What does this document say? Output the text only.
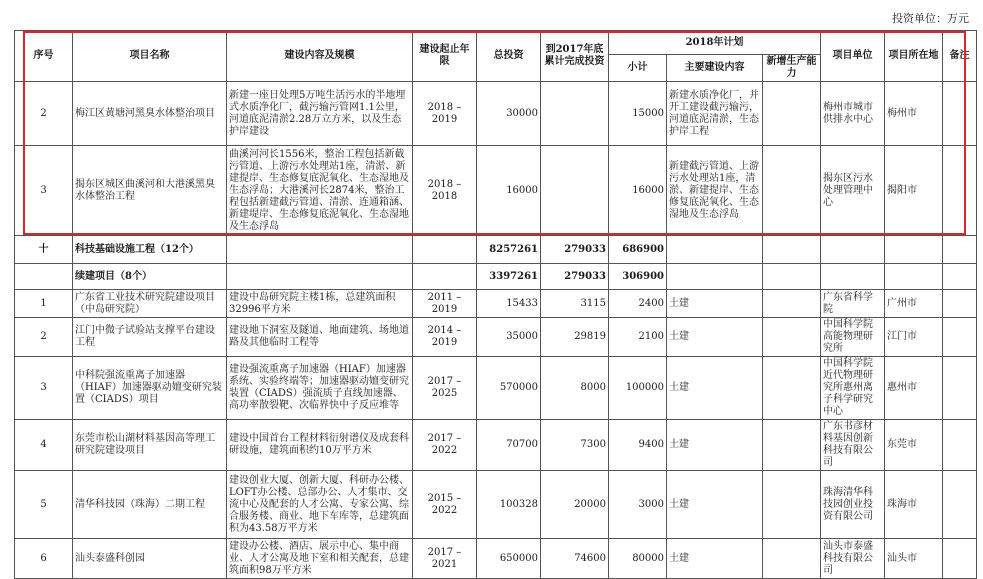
投资单位：万元
序号	项目名称	建设内容及规模	建设起止年限	总投资	到2017年底累计完成投资	2018年计划			项目单位	项目所在地	备注
						小计	主要建设内容	新增生产能力			
2	梅江区黄塘河黑臭水体整治项目	新建一座日处理5万吨生活污水的半地埋式水质净化厂，截污输污管网1.1公里，河道底泥清淤2.28万立方米，以及生态护岸建设	2018 – 2019	30000		15000	新建水质净化厂，并开工建设截污输污，河道底泥清淤，生态护岸工程		梅州市城市供排水中心	梅州市	
3	揭东区城区曲溪河和大港溪黑臭水体整治工程	曲溪河河长1556米，整治工程包括新截污管道、上游污水处理站1座，清淤、新建提岸、生态修复底泥氧化、生态湿地及生态浮岛；大港溪河长2874米，整治工程包括新建截污管道、清淤、连通箱涵、新建堤岸、生态修复底泥氧化、生态湿地及生态浮岛	2018 – 2018	16000		16000	新建截污管道、上游污水处理站1座，清淤、新建提岸、生态修复底泥氧化、生态湿地及生态浮岛		揭东区污水处理管理中心	揭阳市	
十	科技基础设施工程（12个）			8257261	279033	686900					
	续建项目（8个）			3397261	279033	306900					
1	广东省工业技术研究院建设项目（中岛研究院）	建设中岛研究院主楼1栋，总建筑面积32996平方米	2011 – 2019	15433	3115	2400	土建		广东省科学院	广州市	
2	江门中微子试验站支撑平台建设工程	建设地下洞室及隧道、地面建筑、场地道路及其他临时工程等	2014 – 2019	35000	29819	2100	土建		中国科学院高能物理研究所	江门市	
3	中科院强流重离子加速器（HIAF）加速器驱动嬗变研究装置（CIADS）项目	建设强流重离子加速器（HIAF）加速器系统、实验终端等；加速器驱动嬗变研究装置（CIADS）强流质子直线加速器、高功率散裂靶、次临界快中子反应堆等	2017 – 2025	570000	8000	100000	土建		中国科学院近代物理研究所惠州离子科学研究中心	惠州市	
4	东莞市松山湖材料基因高等理工研究院建设项目	建设中国首台工程材料衍射谱仪及成套科研设施，建筑面积约10万平方米	2017 – 2022	70700	7300	9400	土建		广东书彦材料基因创新科技有限公司	东莞市	
5	清华科技园（珠海）二期工程	建设创业大厦、创新大厦、科研办公楼、LOFT办公楼、总部办公、人才集市、交流中心及配套的人才公寓、专家公寓、综合服务楼、商业、地下车库等，总建筑面积为43.58万平方米	2015 – 2022	100328	20000	3000	土建		珠海清华科技园创业投资有限公司	珠海市	
6	汕头泰盛科创园	建设办公楼、酒店、展示中心、集中商业、人才公寓及地下室和相关配套，总建筑面积98万平方米	2017 – 2021	650000	74600	80000	土建		汕头市泰盛科技有限公司	汕头市	
